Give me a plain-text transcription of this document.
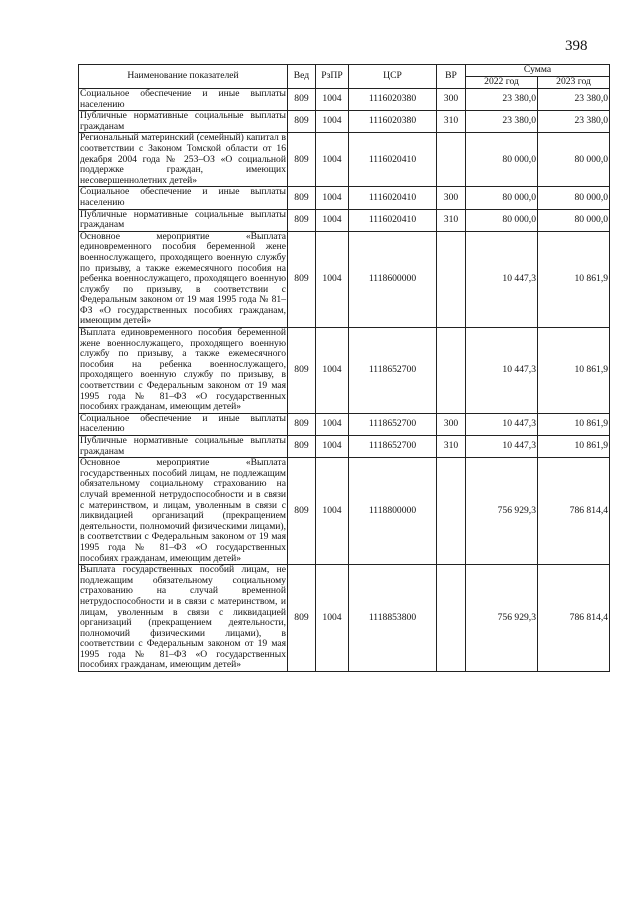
398
Наименование показателей	Вед	РзПР	ЦСР	ВР	Сумма	
					2022 год	2023 год
Социальное обеспечение и иные выплаты населению	809	1004	1116020380	300	23 380,0	23 380,0
Публичные нормативные социальные выплаты гражданам	809	1004	1116020380	310	23 380,0	23 380,0
Региональный материнский (семейный) капитал в соответствии с Законом Томской области от 16 декабря 2004 года № 253–ОЗ «О социальной поддержке граждан, имеющих несовершеннолетних детей»	809	1004	1116020410		80 000,0	80 000,0
Социальное обеспечение и иные выплаты населению	809	1004	1116020410	300	80 000,0	80 000,0
Публичные нормативные социальные выплаты гражданам	809	1004	1116020410	310	80 000,0	80 000,0
Основное мероприятие «Выплата единовременного пособия беременной жене военнослужащего, проходящего военную службу по призыву, а также ежемесячного пособия на ребенка военнослужащего, проходящего военную службу по призыву, в соответствии с Федеральным законом от 19 мая 1995 года № 81–ФЗ «О государственных пособиях гражданам, имеющим детей»	809	1004	1118600000		10 447,3	10 861,9
Выплата единовременного пособия беременной жене военнослужащего, проходящего военную службу по призыву, а также ежемесячного пособия на ребенка военнослужащего, проходящего военную службу по призыву, в соответствии с Федеральным законом от 19 мая 1995 года № 81–ФЗ «О государственных пособиях гражданам, имеющим детей»	809	1004	1118652700		10 447,3	10 861,9
Социальное обеспечение и иные выплаты населению	809	1004	1118652700	300	10 447,3	10 861,9
Публичные нормативные социальные выплаты гражданам	809	1004	1118652700	310	10 447,3	10 861,9
Основное мероприятие «Выплата государственных пособий лицам, не подлежащим обязательному социальному страхованию на случай временной нетрудоспособности и в связи с материнством, и лицам, уволенным в связи с ликвидацией организаций (прекращением деятельности, полномочий физическими лицами), в соответствии с Федеральным законом от 19 мая 1995 года № 81–ФЗ «О государственных пособиях гражданам, имеющим детей»	809	1004	1118800000		756 929,3	786 814,4
Выплата государственных пособий лицам, не подлежащим обязательному социальному страхованию на случай временной нетрудоспособности и в связи с материнством, и лицам, уволенным в связи с ликвидацией организаций (прекращением деятельности, полномочий физическими лицами), в соответствии с Федеральным законом от 19 мая 1995 года № 81–ФЗ «О государственных пособиях гражданам, имеющим детей»	809	1004	1118853800		756 929,3	786 814,4
